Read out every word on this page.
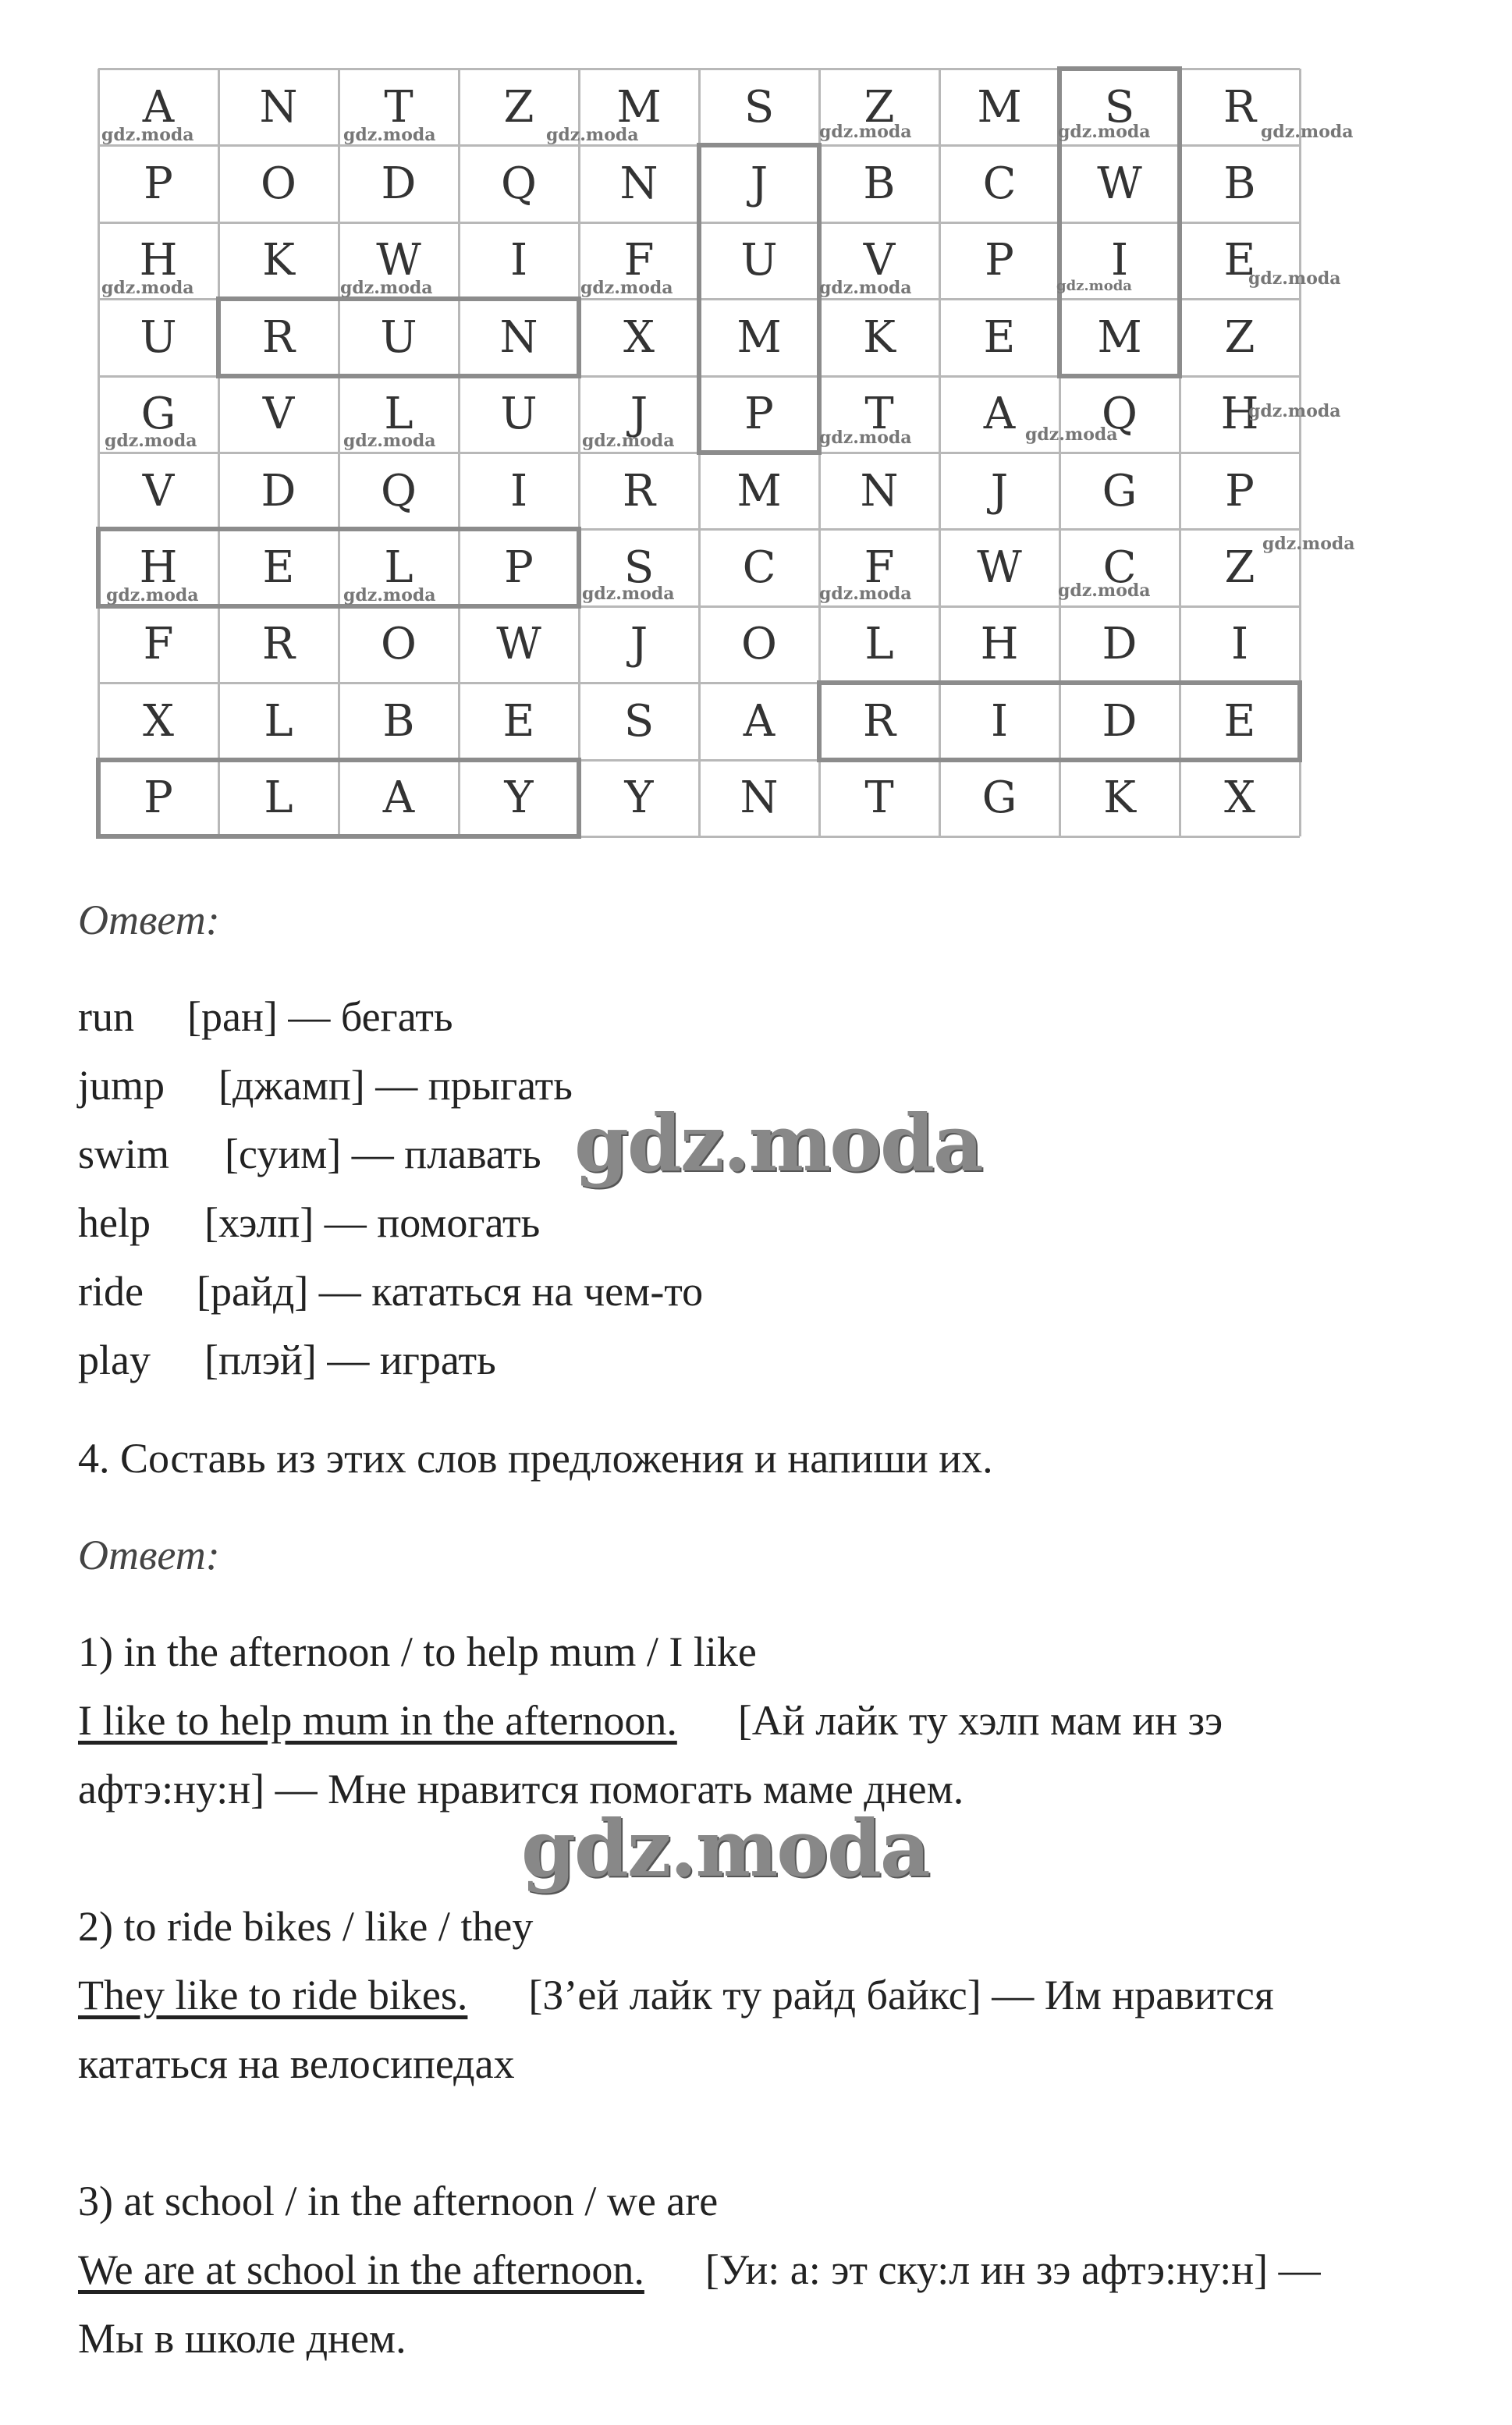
A	N	T	Z	M	S	Z	M	S	R
P	O	D	Q	N	J	B	C	W	B
H	K	W	I	F	U	V	P	I	E
U	R	U	N	X	M	K	E	M	Z
G	V	L	U	J	P	T	A	Q	H
V	D	Q	I	R	M	N	J	G	P
H	E	L	P	S	C	F	W	C	Z
F	R	O	W	J	O	L	H	D	I
X	L	B	E	S	A	R	I	D	E
P	L	A	Y	Y	N	T	G	K	X
gdz.moda	gdz.moda	gdz.moda	gdz.moda	gdz.moda	gdz.moda
gdz.moda	gdz.moda	gdz.moda	gdz.moda	gdz.moda	gdz.moda
gdz.moda	gdz.moda	gdz.moda	gdz.moda	gdz.moda
gdz.moda
gdz.moda	gdz.moda	gdz.moda	gdz.moda	gdz.moda
gdz.moda
Ответ:
run [ран] — бегать
jump [джамп] — прыгать
swim [суим] — плавать
help [хэлп] — помогать
ride [райд] — кататься на чем-то
play [плэй] — играть
gdz.moda
4. Составь из этих слов предложения и напиши их.
Ответ:
1) in the afternoon / to help mum / I like
I like to help mum in the afternoon. [Ай лайк ту хэлп мам ин зэ
афтэ:ну:н] — Мне нравится помогать маме днем.
gdz.moda
2) to ride bikes / like / they
They like to ride bikes. [З’ей лайк ту райд байкс] — Им нравится
кататься на велосипедах
3) at school / in the afternoon / we are
We are at school in the afternoon. [Уи: а: эт ску:л ин зэ афтэ:ну:н] —
Мы в школе днем.
